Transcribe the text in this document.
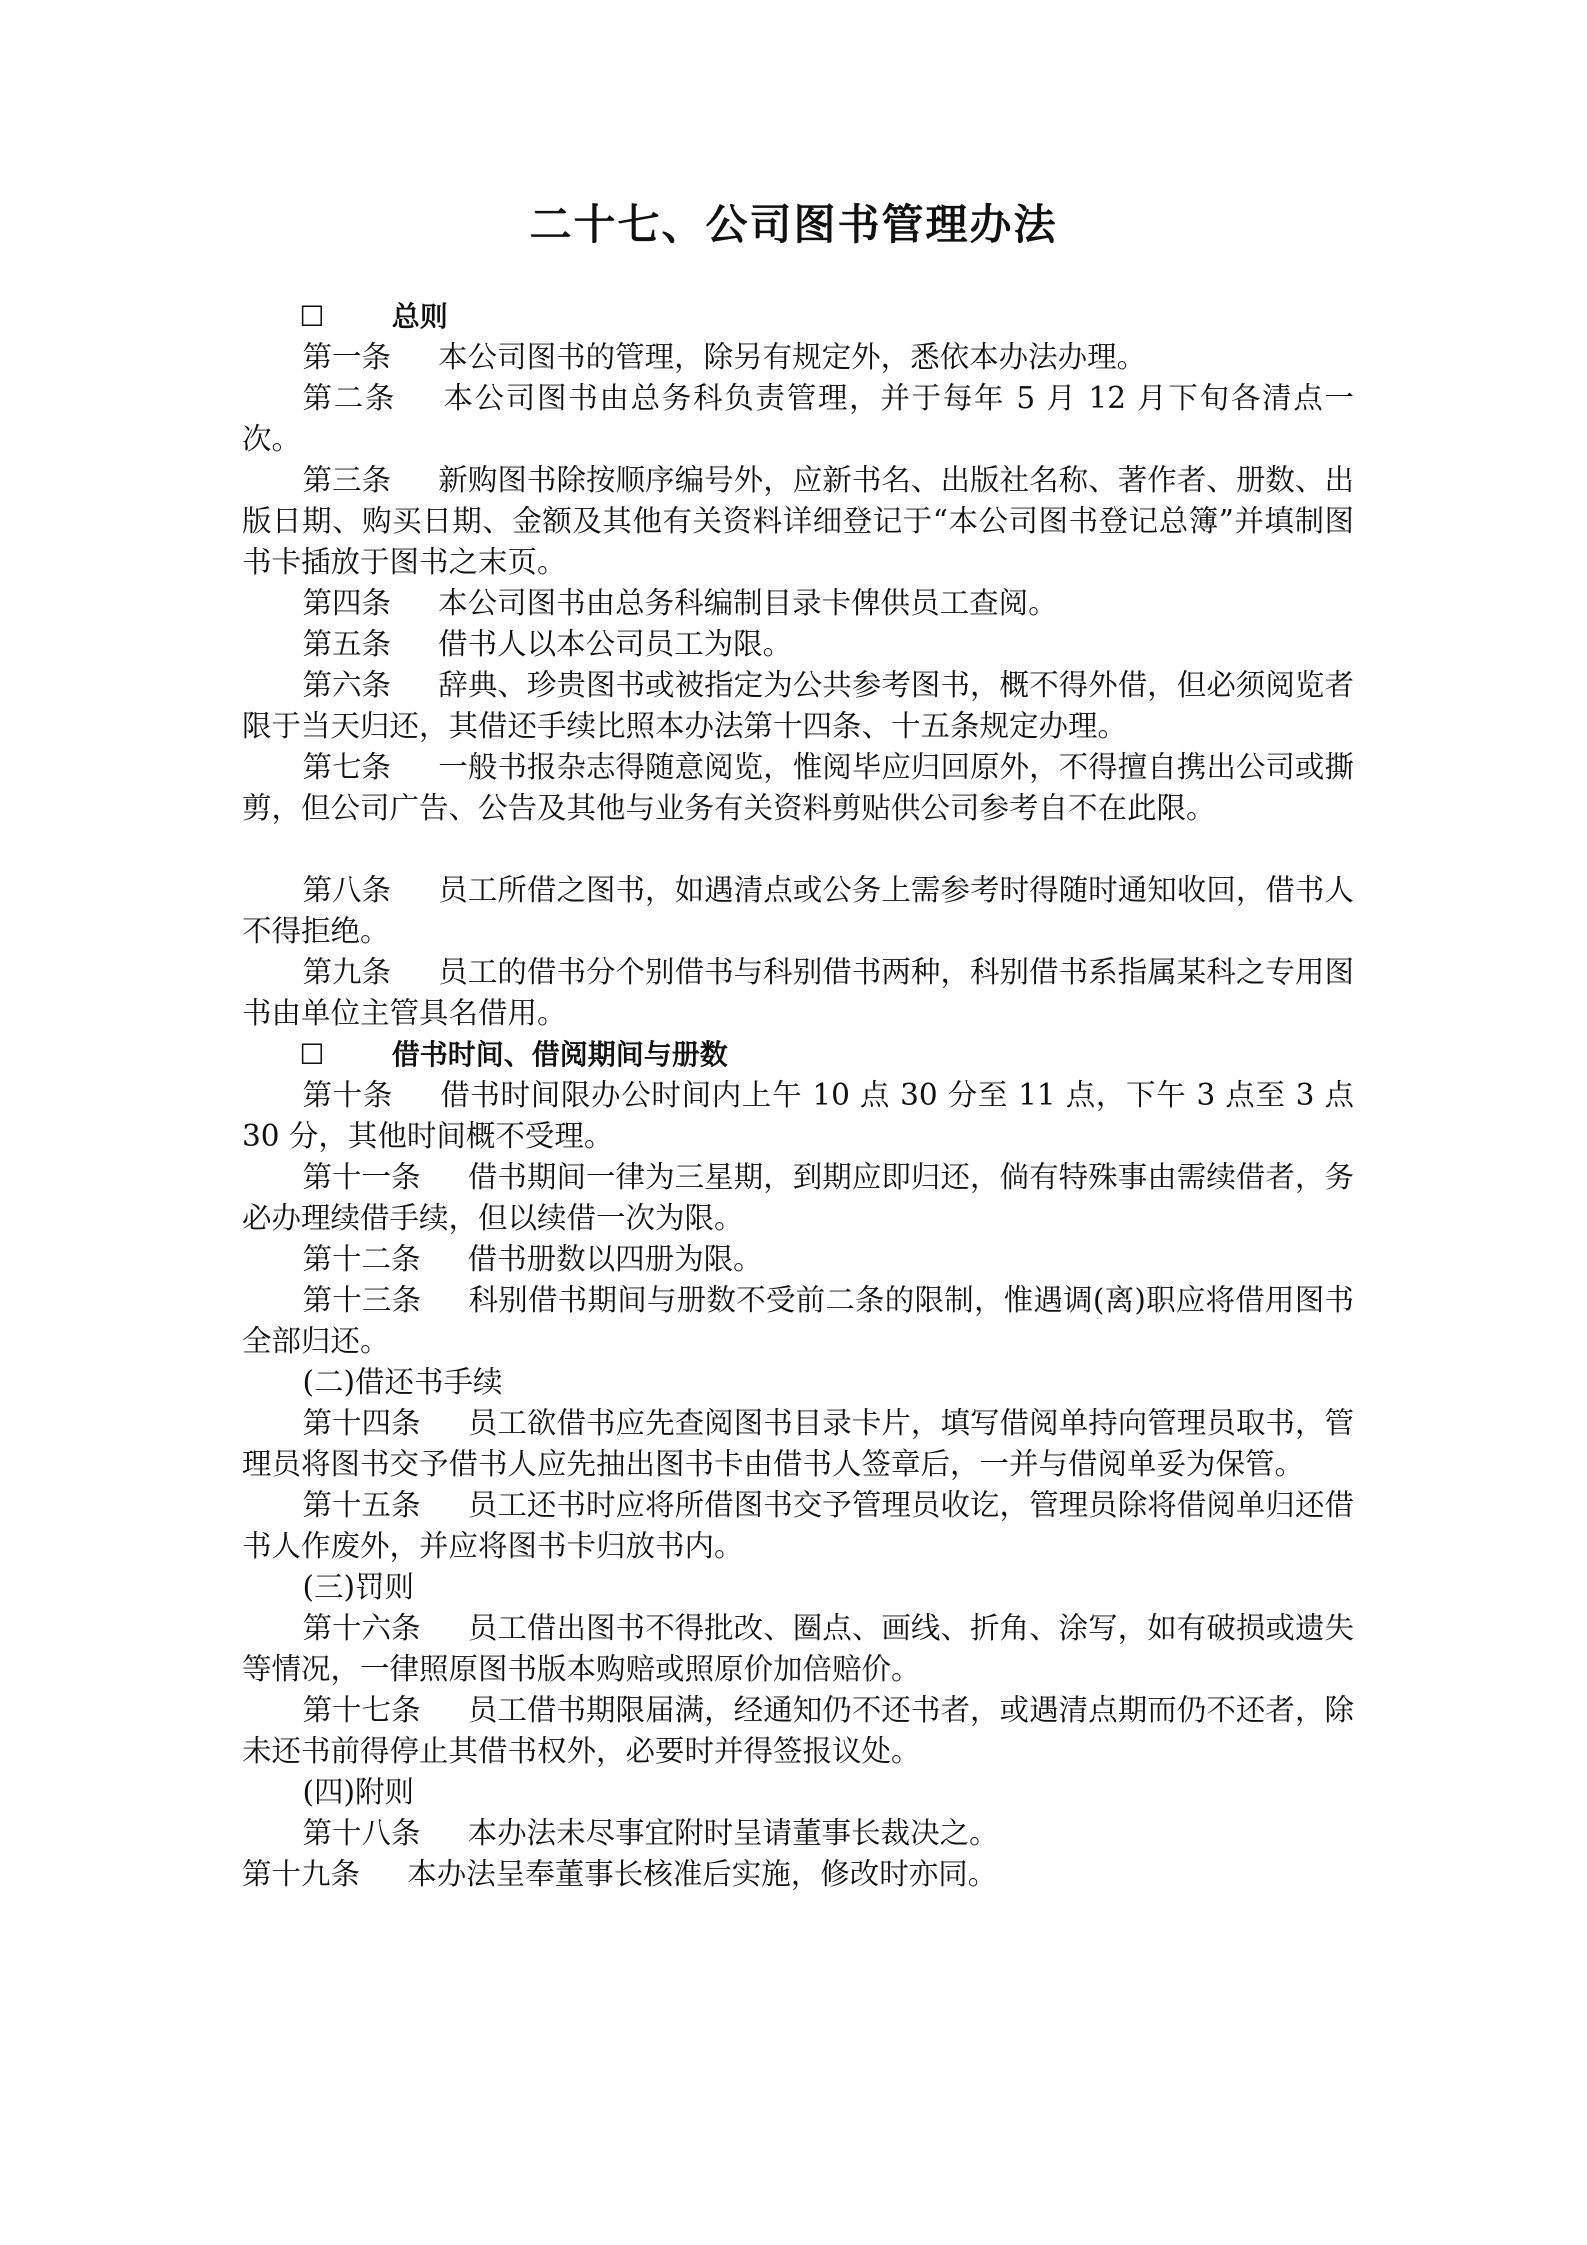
二十七、公司图书管理办法

☐ 总则

第一条 本公司图书的管理，除另有规定外，悉依本办法办理。

第二条 本公司图书由总务科负责管理，并于每年 5 月 12 月下旬各清点一次。

第三条 新购图书除按顺序编号外，应新书名、出版社名称、著作者、册数、出版日期、购买日期、金额及其他有关资料详细登记于“本公司图书登记总簿”并填制图书卡插放于图书之末页。

第四条 本公司图书由总务科编制目录卡俾供员工查阅。

第五条 借书人以本公司员工为限。

第六条 辞典、珍贵图书或被指定为公共参考图书，概不得外借，但必须阅览者限于当天归还，其借还手续比照本办法第十四条、十五条规定办理。

第七条 一般书报杂志得随意阅览，惟阅毕应归回原外，不得擅自携出公司或撕剪，但公司广告、公告及其他与业务有关资料剪贴供公司参考自不在此限。

第八条 员工所借之图书，如遇清点或公务上需参考时得随时通知收回，借书人不得拒绝。

第九条 员工的借书分个别借书与科别借书两种，科别借书系指属某科之专用图书由单位主管具名借用。

☐ 借书时间、借阅期间与册数

第十条 借书时间限办公时间内上午 10 点 30 分至 11 点，下午 3 点至 3 点 30 分，其他时间概不受理。

第十一条 借书期间一律为三星期，到期应即归还，倘有特殊事由需续借者，务必办理续借手续，但以续借一次为限。

第十二条 借书册数以四册为限。

第十三条 科别借书期间与册数不受前二条的限制，惟遇调(离)职应将借用图书全部归还。

(二)借还书手续

第十四条 员工欲借书应先查阅图书目录卡片，填写借阅单持向管理员取书，管理员将图书交予借书人应先抽出图书卡由借书人签章后，一并与借阅单妥为保管。

第十五条 员工还书时应将所借图书交予管理员收讫，管理员除将借阅单归还借书人作废外，并应将图书卡归放书内。

(三)罚则

第十六条 员工借出图书不得批改、圈点、画线、折角、涂写，如有破损或遗失等情况，一律照原图书版本购赔或照原价加倍赔价。

第十七条 员工借书期限届满，经通知仍不还书者，或遇清点期而仍不还者，除未还书前得停止其借书权外，必要时并得签报议处。

(四)附则

第十八条 本办法未尽事宜附时呈请董事长裁决之。

第十九条 本办法呈奉董事长核准后实施，修改时亦同。
